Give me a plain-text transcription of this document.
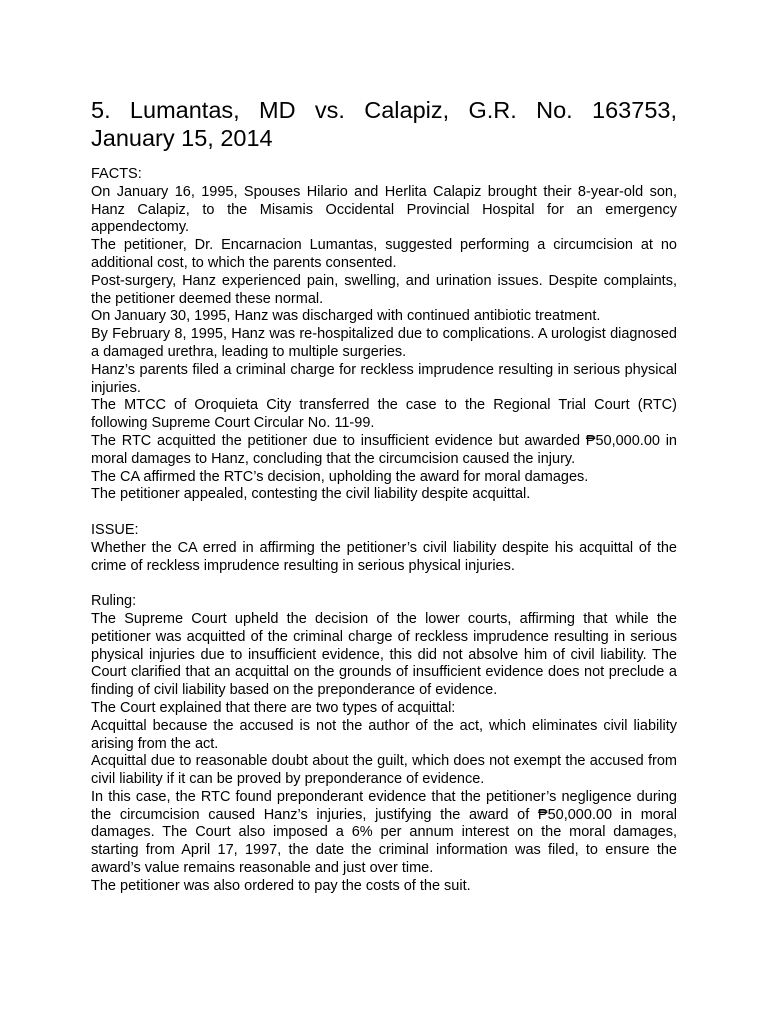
5. Lumantas, MD vs. Calapiz, G.R. No. 163753, January 15, 2014

FACTS:

On January 16, 1995, Spouses Hilario and Herlita Calapiz brought their 8-year-old son, Hanz Calapiz, to the Misamis Occidental Provincial Hospital for an emergency appendectomy.

The petitioner, Dr. Encarnacion Lumantas, suggested performing a circumcision at no additional cost, to which the parents consented.

Post-surgery, Hanz experienced pain, swelling, and urination issues. Despite complaints, the petitioner deemed these normal.

On January 30, 1995, Hanz was discharged with continued antibiotic treatment.

By February 8, 1995, Hanz was re-hospitalized due to complications. A urologist diagnosed a damaged urethra, leading to multiple surgeries.

Hanz’s parents filed a criminal charge for reckless imprudence resulting in serious physical injuries.

The MTCC of Oroquieta City transferred the case to the Regional Trial Court (RTC) following Supreme Court Circular No. 11-99.

The RTC acquitted the petitioner due to insufficient evidence but awarded ₱50,000.00 in moral damages to Hanz, concluding that the circumcision caused the injury.

The CA affirmed the RTC’s decision, upholding the award for moral damages.

The petitioner appealed, contesting the civil liability despite acquittal.

ISSUE:

Whether the CA erred in affirming the petitioner’s civil liability despite his acquittal of the crime of reckless imprudence resulting in serious physical injuries.

Ruling:

The Supreme Court upheld the decision of the lower courts, affirming that while the petitioner was acquitted of the criminal charge of reckless imprudence resulting in serious physical injuries due to insufficient evidence, this did not absolve him of civil liability. The Court clarified that an acquittal on the grounds of insufficient evidence does not preclude a finding of civil liability based on the preponderance of evidence.

The Court explained that there are two types of acquittal:

Acquittal because the accused is not the author of the act, which eliminates civil liability arising from the act.

Acquittal due to reasonable doubt about the guilt, which does not exempt the accused from civil liability if it can be proved by preponderance of evidence.

In this case, the RTC found preponderant evidence that the petitioner’s negligence during the circumcision caused Hanz’s injuries, justifying the award of ₱50,000.00 in moral damages. The Court also imposed a 6% per annum interest on the moral damages, starting from April 17, 1997, the date the criminal information was filed, to ensure the award’s value remains reasonable and just over time.

The petitioner was also ordered to pay the costs of the suit.
